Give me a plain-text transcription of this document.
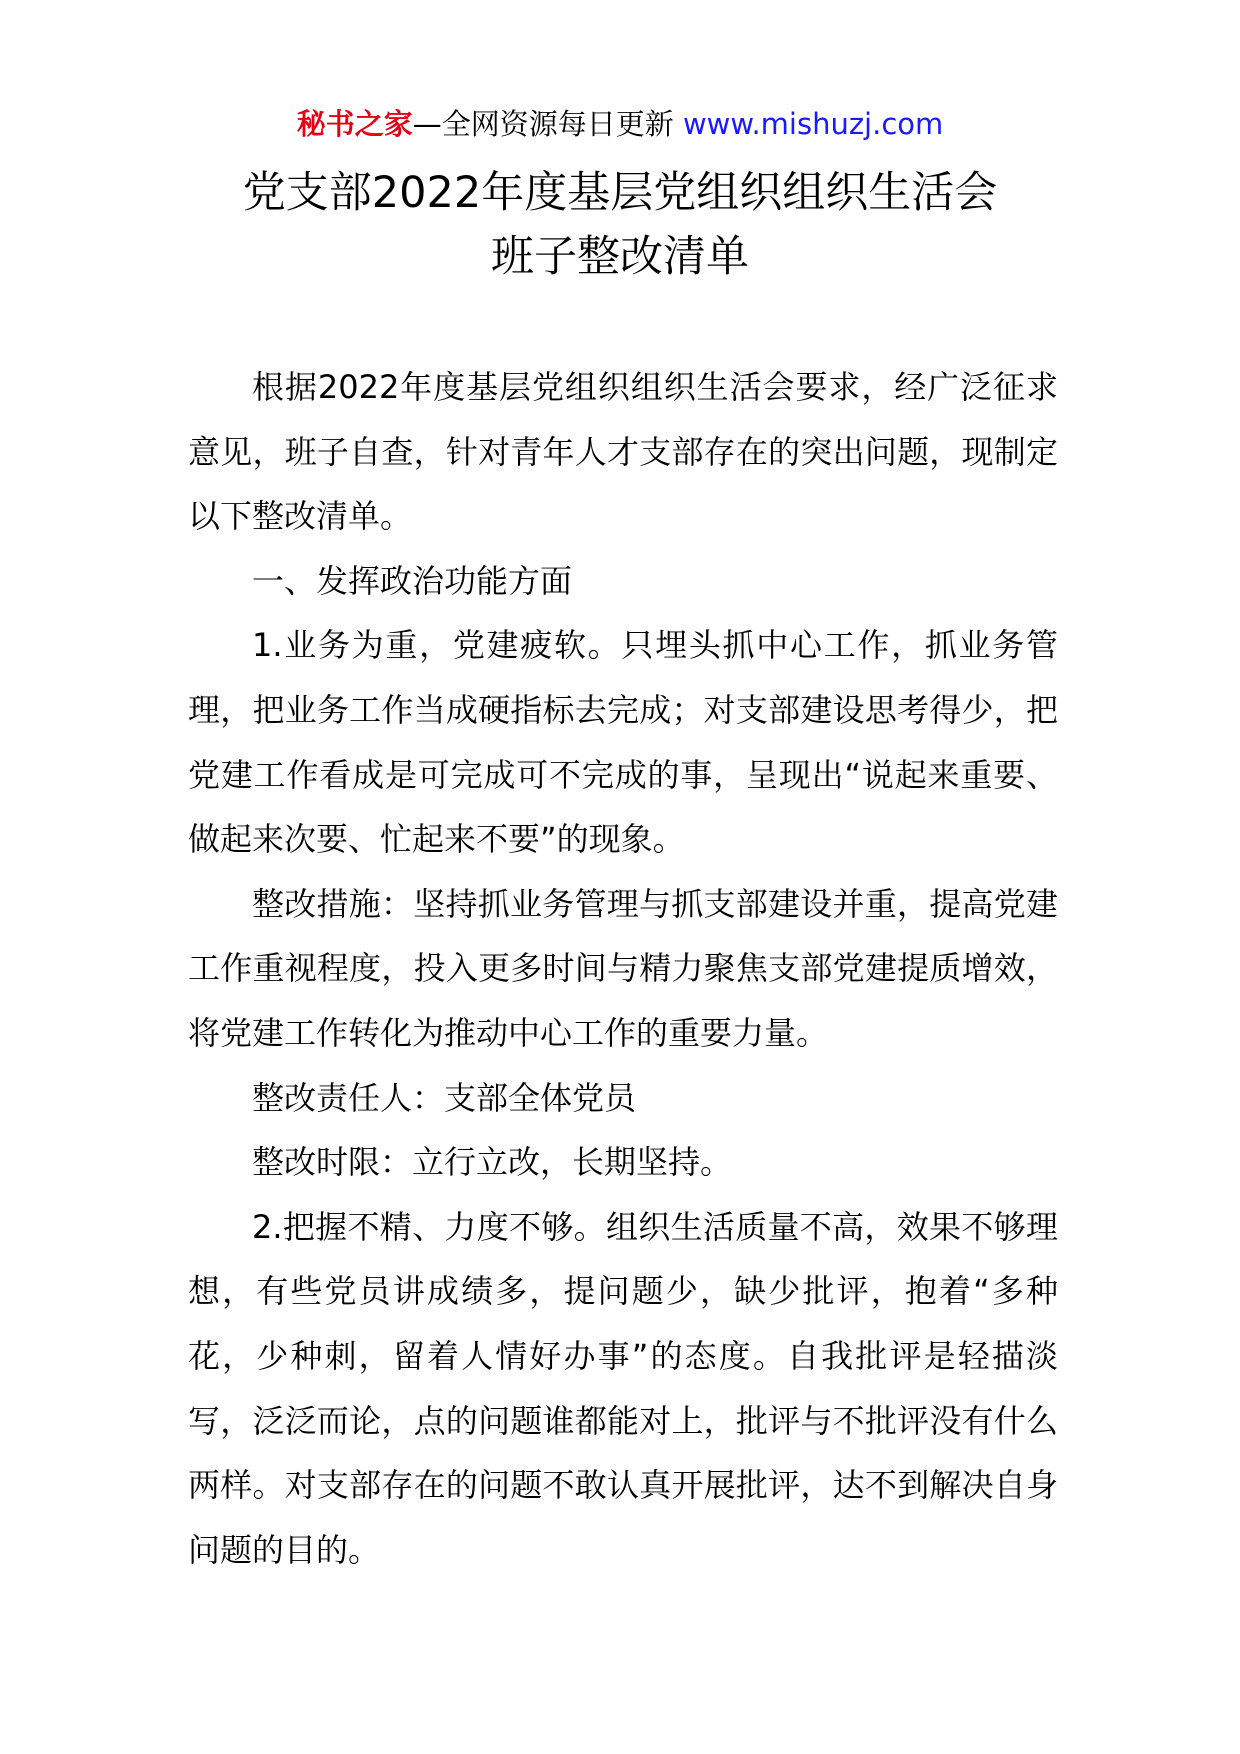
秘书之家—全网资源每日更新 www.mishuzj.com
党支部2022年度基层党组织组织生活会
班子整改清单

根据2022年度基层党组织组织生活会要求，经广泛征求意见，班子自查，针对青年人才支部存在的突出问题，现制定以下整改清单。

一、发挥政治功能方面

1.业务为重，党建疲软。只埋头抓中心工作，抓业务管理，把业务工作当成硬指标去完成；对支部建设思考得少，把党建工作看成是可完成可不完成的事，呈现出“说起来重要、做起来次要、忙起来不要”的现象。

整改措施：坚持抓业务管理与抓支部建设并重，提高党建工作重视程度，投入更多时间与精力聚焦支部党建提质增效，将党建工作转化为推动中心工作的重要力量。

整改责任人：支部全体党员

整改时限：立行立改，长期坚持。

2.把握不精、力度不够。组织生活质量不高，效果不够理想，有些党员讲成绩多，提问题少，缺少批评，抱着“多种花，少种刺，留着人情好办事”的态度。自我批评是轻描淡写，泛泛而论，点的问题谁都能对上，批评与不批评没有什么两样。对支部存在的问题不敢认真开展批评，达不到解决自身问题的目的。
